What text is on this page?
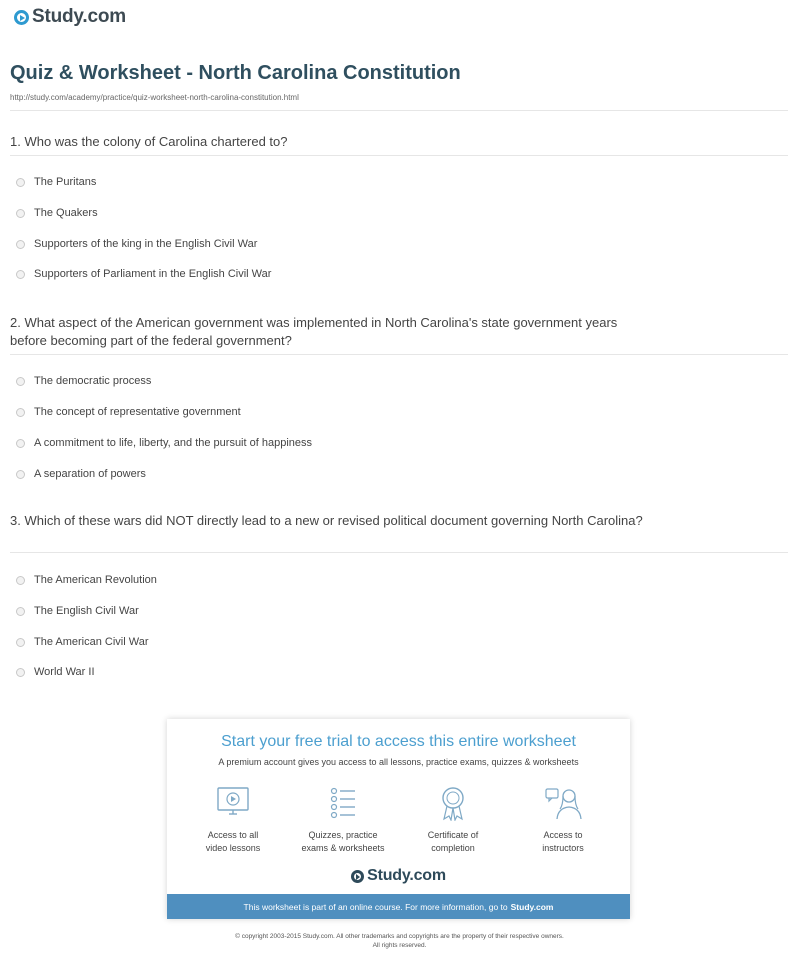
Study.com
Quiz & Worksheet - North Carolina Constitution
http://study.com/academy/practice/quiz-worksheet-north-carolina-constitution.html
1. Who was the colony of Carolina chartered to?
The Puritans
The Quakers
Supporters of the king in the English Civil War
Supporters of Parliament in the English Civil War
2. What aspect of the American government was implemented in North Carolina's state government years before becoming part of the federal government?
The democratic process
The concept of representative government
A commitment to life, liberty, and the pursuit of happiness
A separation of powers
3. Which of these wars did NOT directly lead to a new or revised political document governing North Carolina?
The American Revolution
The English Civil War
The American Civil War
World War II
Start your free trial to access this entire worksheet
A premium account gives you access to all lessons, practice exams, quizzes & worksheets
Access to all
video lessons
Quizzes, practice
exams & worksheets
Certificate of
completion
Access to
instructors
Study.com
This worksheet is part of an online course. For more information, go to Study.com
© copyright 2003-2015 Study.com. All other trademarks and copyrights are the property of their respective owners.
All rights reserved.
